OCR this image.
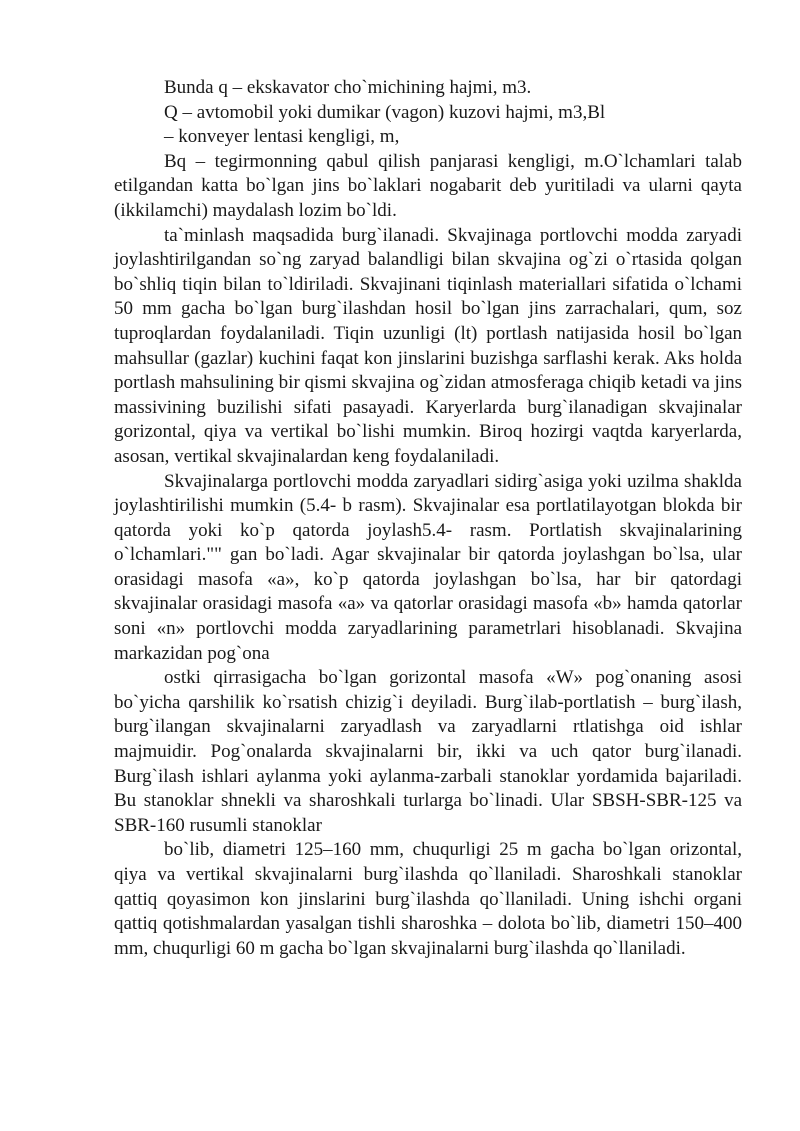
Bunda q – ekskavator cho`michining hajmi, m3.

Q – avtomobil yoki dumikar (vagon) kuzovi hajmi, m3,Bl

– konveyer lentasi kengligi, m,

Bq – tegirmonning qabul qilish panjarasi kengligi, m.O`lchamlari talab etilgandan katta bo`lgan jins bo`laklari nogabarit deb yuritiladi va ularni qayta (ikkilamchi) maydalash lozim bo`ldi.

ta`minlash maqsadida burg`ilanadi. Skvajinaga portlovchi modda zaryadi joylashtirilgandan so`ng zaryad balandligi bilan skvajina og`zi o`rtasida qolgan bo`shliq tiqin bilan to`ldiriladi. Skvajinani tiqinlash materiallari sifatida o`lchami 50 mm gacha bo`lgan burg`ilashdan hosil bo`lgan jins zarrachalari, qum, soz tuproqlardan foydalaniladi. Tiqin uzunligi (lt) portlash natijasida hosil bo`lgan mahsullar (gazlar) kuchini faqat kon jinslarini buzishga sarflashi kerak. Aks holda portlash mahsulining bir qismi skvajina og`zidan atmosferaga chiqib ketadi va jins massivining buzilishi sifati pasayadi. Karyerlarda burg`ilanadigan skvajinalar gorizontal, qiya va vertikal bo`lishi mumkin. Biroq hozirgi vaqtda karyerlarda, asosan, vertikal skvajinalardan keng foydalaniladi.

Skvajinalarga portlovchi modda zaryadlari sidirg`asiga yoki uzilma shaklda joylashtirilishi mumkin (5.4- b rasm). Skvajinalar esa portlatilayotgan blokda bir qatorda yoki ko`p qatorda joylash5.4- rasm. Portlatish skvajinalarining o`lchamlari."" gan bo`ladi. Agar skvajinalar bir qatorda joylashgan bo`lsa, ular orasidagi masofa «a», ko`p qatorda joylashgan bo`lsa, har bir qatordagi skvajinalar orasidagi masofa «a» va qatorlar orasidagi masofa «b» hamda qatorlar soni «n» portlovchi modda zaryadlarining parametrlari hisoblanadi. Skvajina markazidan pog`ona

ostki qirrasigacha bo`lgan gorizontal masofa «W» pog`onaning asosi bo`yicha qarshilik ko`rsatish chizig`i deyiladi. Burg`ilab-portlatish – burg`ilash, burg`ilangan skvajinalarni zaryadlash va zaryadlarni rtlatishga oid ishlar majmuidir. Pog`onalarda skvajinalarni bir, ikki va uch qator burg`ilanadi. Burg`ilash ishlari aylanma yoki aylanma-zarbali stanoklar yordamida bajariladi. Bu stanoklar shnekli va sharoshkali turlarga bo`linadi. Ular SBSH-SBR-125 va SBR-160 rusumli stanoklar

bo`lib, diametri 125–160 mm, chuqurligi 25 m gacha bo`lgan orizontal, qiya va vertikal skvajinalarni burg`ilashda qo`llaniladi. Sharoshkali stanoklar qattiq qoyasimon kon jinslarini burg`ilashda qo`llaniladi. Uning ishchi organi qattiq qotishmalardan yasalgan tishli sharoshka – dolota bo`lib, diametri 150–400 mm, chuqurligi 60 m gacha bo`lgan skvajinalarni burg`ilashda qo`llaniladi.
